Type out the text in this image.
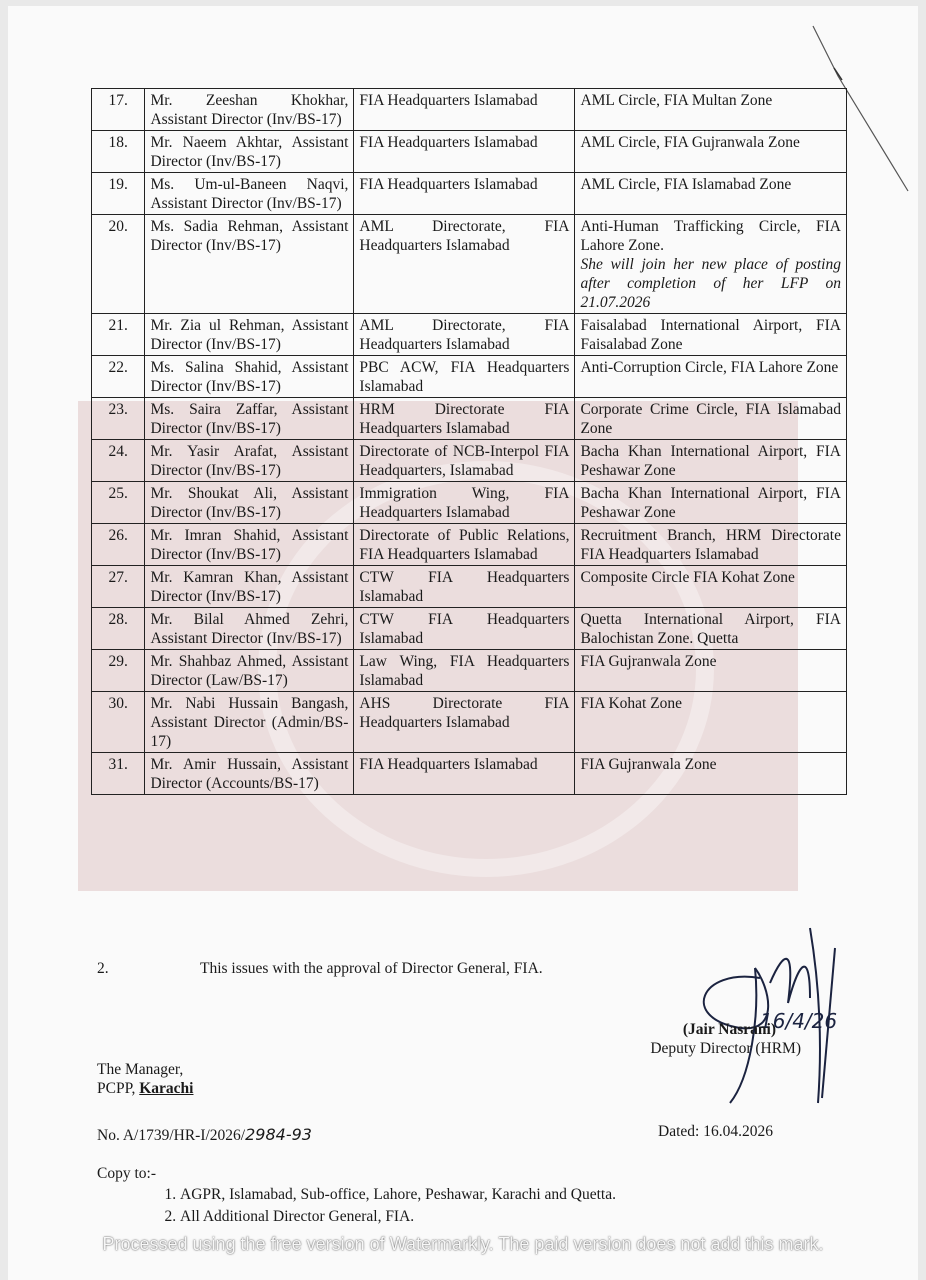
17.	Mr. Zeeshan Khokhar, Assistant Director (Inv/BS-17)	FIA Headquarters Islamabad	AML Circle, FIA Multan Zone
18.	Mr. Naeem Akhtar, Assistant Director (Inv/BS-17)	FIA Headquarters Islamabad	AML Circle, FIA Gujranwala Zone
19.	Ms. Um-ul-Baneen Naqvi, Assistant Director (Inv/BS-17)	FIA Headquarters Islamabad	AML Circle, FIA Islamabad Zone
20.	Ms. Sadia Rehman, Assistant Director (Inv/BS-17)	AML Directorate, FIA Headquarters Islamabad	Anti-Human Trafficking Circle, FIA Lahore Zone.
She will join her new place of posting after completion of her LFP on 21.07.2026

21.	Mr. Zia ul Rehman, Assistant Director (Inv/BS-17)	AML Directorate, FIA Headquarters Islamabad	Faisalabad International Airport, FIA Faisalabad Zone
22.	Ms. Salina Shahid, Assistant Director (Inv/BS-17)	PBC ACW, FIA Headquarters Islamabad	Anti-Corruption Circle, FIA Lahore Zone
23.	Ms. Saira Zaffar, Assistant Director (Inv/BS-17)	HRM Directorate FIA Headquarters Islamabad	Corporate Crime Circle, FIA Islamabad Zone
24.	Mr. Yasir Arafat, Assistant Director (Inv/BS-17)	Directorate of NCB-Interpol FIA Headquarters, Islamabad	Bacha Khan International Airport, FIA Peshawar Zone
25.	Mr. Shoukat Ali, Assistant Director (Inv/BS-17)	Immigration Wing, FIA Headquarters Islamabad	Bacha Khan International Airport, FIA Peshawar Zone
26.	Mr. Imran Shahid, Assistant Director (Inv/BS-17)	Directorate of Public Relations, FIA Headquarters Islamabad	Recruitment Branch, HRM Directorate FIA Headquarters Islamabad
27.	Mr. Kamran Khan, Assistant Director (Inv/BS-17)	CTW FIA Headquarters Islamabad	Composite Circle FIA Kohat Zone
28.	Mr. Bilal Ahmed Zehri, Assistant Director (Inv/BS-17)	CTW FIA Headquarters Islamabad	Quetta International Airport, FIA Balochistan Zone. Quetta
29.	Mr. Shahbaz Ahmed, Assistant Director (Law/BS-17)	Law Wing, FIA Headquarters Islamabad	FIA Gujranwala Zone
30.	Mr. Nabi Hussain Bangash, Assistant Director (Admin/BS-17)	AHS Directorate FIA Headquarters Islamabad	FIA Kohat Zone
31.	Mr. Amir Hussain, Assistant Director (Accounts/BS-17)	FIA Headquarters Islamabad	FIA Gujranwala Zone
2.	This issues with the approval of Director General, FIA.
16/4/26
(Jair Nasrani)
Deputy Director (HRM)
The Manager,
PCPP, Karachi
No. A/1739/HR-I/2026/2984-93	Dated: 16.04.2026
Copy to:-
1. AGPR, Islamabad, Sub-office, Lahore, Peshawar, Karachi and Quetta.
2. All Additional Director General, FIA.
Processed using the free version of Watermarkly. The paid version does not add this mark.
